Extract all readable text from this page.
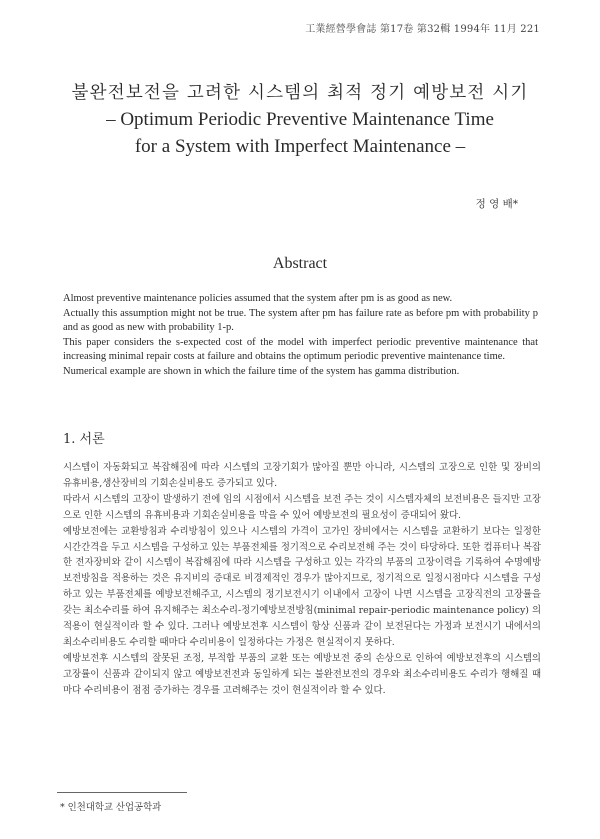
工業經營學會誌 第17卷 第32輯 1994年 11月 221
불완전보전을 고려한 시스템의 최적 정기 예방보전 시기
– Optimum Periodic Preventive Maintenance Time
for a System with Imperfect Maintenance –
정 영 배*
Abstract

Almost preventive maintenance policies assumed that the system after pm is as good as new.

Actually this assumption might not be true. The system after pm has failure rate as before pm with probability p and as good as new with probability 1-p.

This paper considers the s-expected cost of the model with imperfect periodic preventive maintenance that increasing minimal repair costs at failure and obtains the optimum periodic preventive maintenance time.

Numerical example are shown in which the failure time of the system has gamma distribution.

1. 서론

시스템이 자동화되고 복잡해짐에 따라 시스템의 고장기회가 많아질 뿐만 아니라, 시스템의 고장으로 인한 및 장비의 유휴비용,생산장비의 기회손실비용도 증가되고 있다.

따라서 시스템의 고장이 발생하기 전에 임의 시점에서 시스템을 보전 주는 것이 시스템자체의 보전비용은 들지만 고장으로 인한 시스템의 유휴비용과 기회손실비용을 막을 수 있어 예방보전의 필요성이 증대되어 왔다.

예방보전에는 교환방침과 수리방침이 있으나 시스템의 가격이 고가인 장비에서는 시스템을 교환하기 보다는 일정한 시간간격을 두고 시스템을 구성하고 있는 부품전체를 정기적으로 수리보전해 주는 것이 타당하다. 또한 컴퓨터나 복잡한 전자장비와 같이 시스템이 복잡해짐에 따라 시스템을 구성하고 있는 각각의 부품의 고장이력을 기록하여 수명예방보전방침을 적용하는 것은 유지비의 증대로 비경제적인 경우가 많아지므로, 정기적으로 일정시점마다 시스템을 구성하고 있는 부품전체를 예방보전해주고, 시스템의 정기보전시기 이내에서 고장이 나면 시스템을 고장직전의 고장률을 갖는 최소수리를 하여 유지해주는 최소수리-정기예방보전방침(minimal repair-periodic maintenance policy) 의 적용이 현실적이라 할 수 있다. 그러나 예방보전후 시스템이 항상 신품과 같이 보전된다는 가정과 보전시기 내에서의 최소수리비용도 수리할 때마다 수리비용이 일정하다는 가정은 현실적이지 못하다.

예방보전후 시스템의 잘못된 조정, 부적합 부품의 교환 또는 예방보전 중의 손상으로 인하여 예방보전후의 시스템의 고장률이 신품과 같이되지 않고 예방보전전과 동일하게 되는 불완전보전의 경우와 최소수리비용도 수리가 행해질 때마다 수리비용이 점점 증가하는 경우를 고려해주는 것이 현실적이라 할 수 있다.

* 인천대학교 산업공학과
